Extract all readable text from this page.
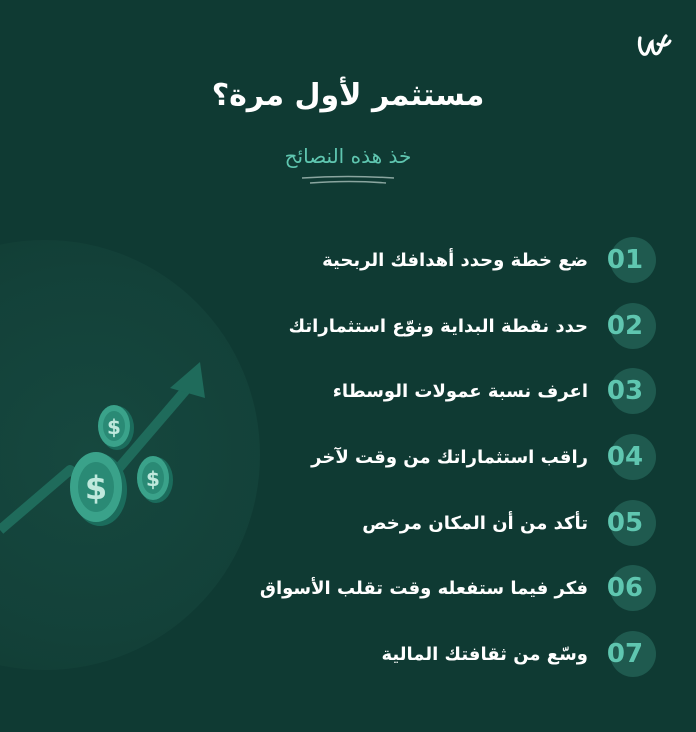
مستثمر لأول مرة؟
خذ هذه النصائح
$
$
$
ضع خطة وحدد أهدافك الربحية 01
حدد نقطة البداية ونوّع استثماراتك 02
اعرف نسبة عمولات الوسطاء 03
راقب استثماراتك من وقت لآخر 04
تأكد من أن المكان مرخص 05
فكر فيما ستفعله وقت تقلب الأسواق 06
وسّع من ثقافتك المالية 07
